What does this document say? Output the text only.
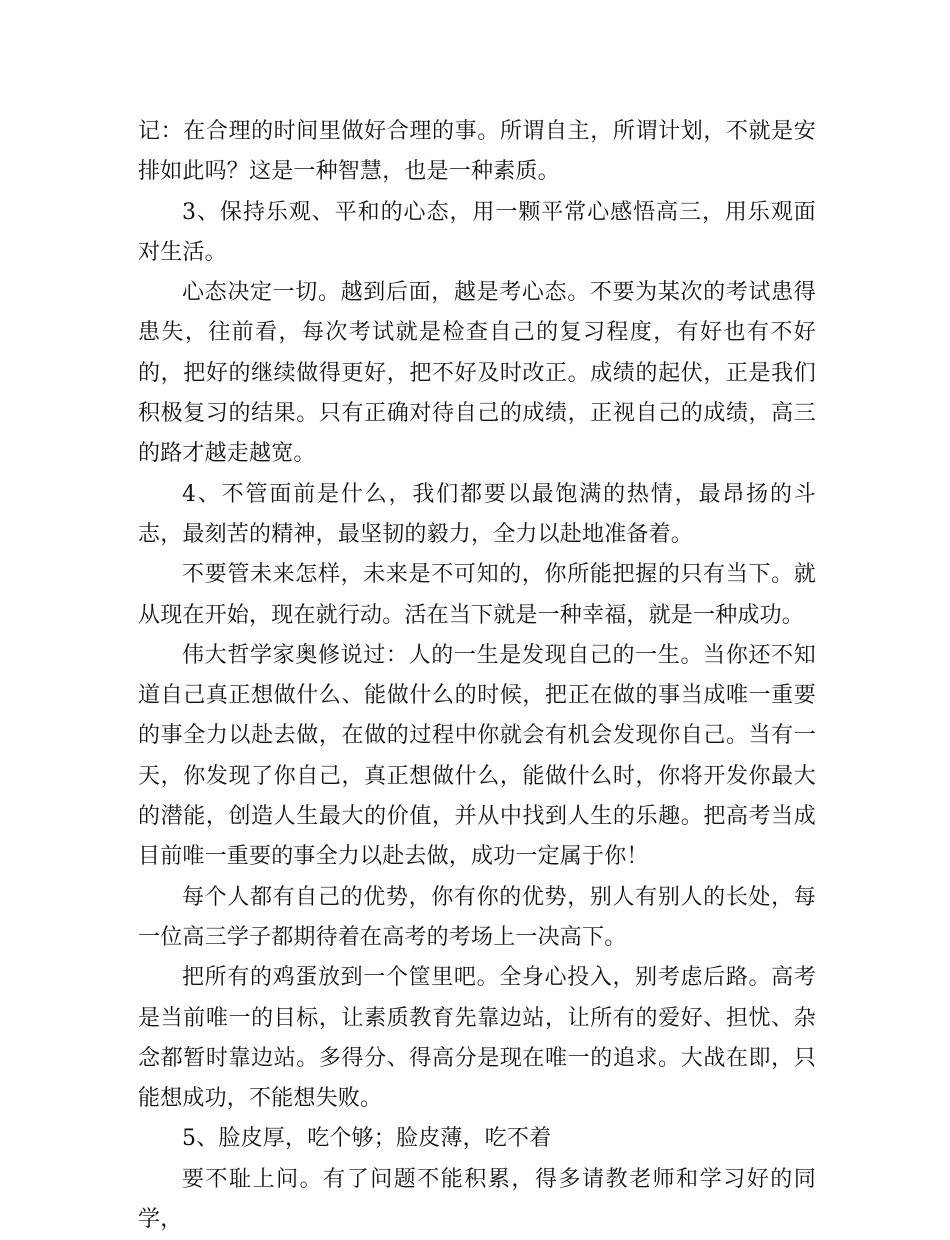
记：在合理的时间里做好合理的事。所谓自主，所谓计划，不就是安排如此吗？这是一种智慧，也是一种素质。

3、保持乐观、平和的心态，用一颗平常心感悟高三，用乐观面对生活。

心态决定一切。越到后面，越是考心态。不要为某次的考试患得患失，往前看，每次考试就是检查自己的复习程度，有好也有不好的，把好的继续做得更好，把不好及时改正。成绩的起伏，正是我们积极复习的结果。只有正确对待自己的成绩，正视自己的成绩，高三的路才越走越宽。

4、不管面前是什么，我们都要以最饱满的热情，最昂扬的斗志，最刻苦的精神，最坚韧的毅力，全力以赴地准备着。

不要管未来怎样，未来是不可知的，你所能把握的只有当下。就从现在开始，现在就行动。活在当下就是一种幸福，就是一种成功。

伟大哲学家奥修说过：人的一生是发现自己的一生。当你还不知道自己真正想做什么、能做什么的时候，把正在做的事当成唯一重要的事全力以赴去做，在做的过程中你就会有机会发现你自己。当有一天，你发现了你自己，真正想做什么，能做什么时，你将开发你最大的潜能，创造人生最大的价值，并从中找到人生的乐趣。把高考当成目前唯一重要的事全力以赴去做，成功一定属于你！

每个人都有自己的优势，你有你的优势，别人有别人的长处，每一位高三学子都期待着在高考的考场上一决高下。

把所有的鸡蛋放到一个筐里吧。全身心投入，别考虑后路。高考是当前唯一的目标，让素质教育先靠边站，让所有的爱好、担忧、杂念都暂时靠边站。多得分、得高分是现在唯一的追求。大战在即，只能想成功，不能想失败。

5、脸皮厚，吃个够；脸皮薄，吃不着

要不耻上问。有了问题不能积累，得多请教老师和学习好的同学，
